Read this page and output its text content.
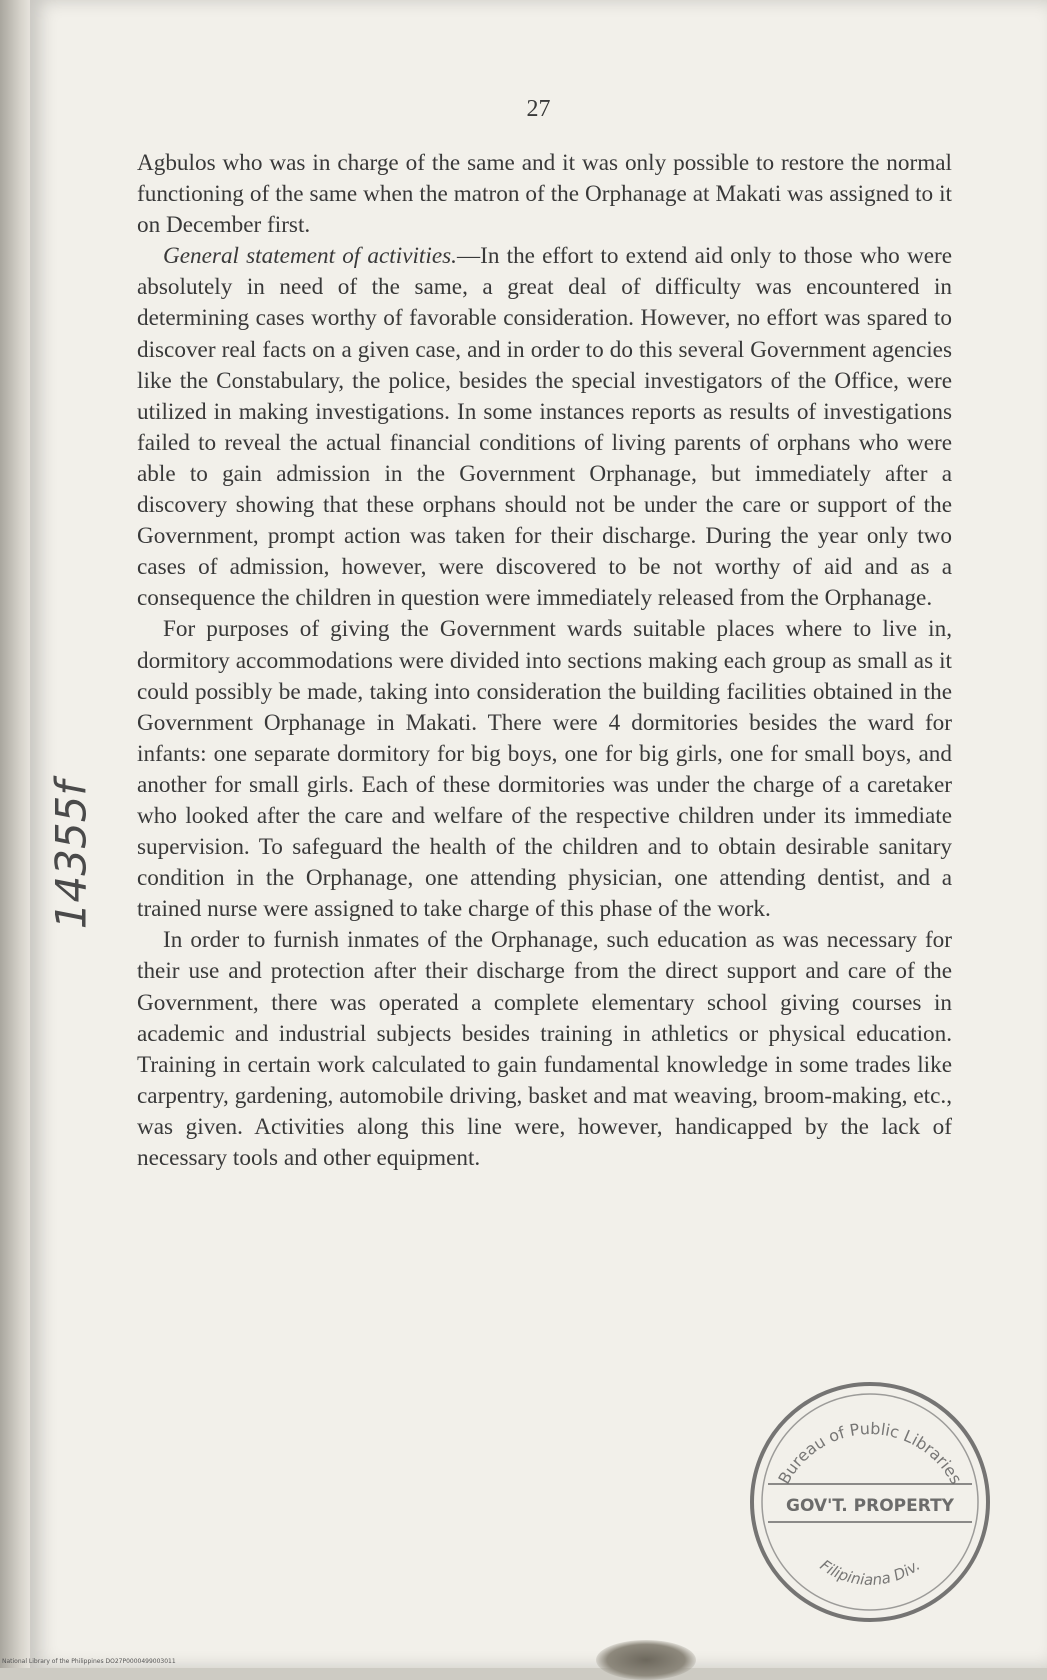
27

Agbulos who was in charge of the same and it was only possible to restore the normal functioning of the same when the matron of the Orphanage at Makati was assigned to it on December first.

General statement of activities.—In the effort to extend aid only to those who were absolutely in need of the same, a great deal of difficulty was encountered in determining cases worthy of favorable consideration. However, no effort was spared to discover real facts on a given case, and in order to do this several Government agencies like the Constabulary, the police, besides the special investigators of the Office, were utilized in making investigations. In some instances reports as results of investigations failed to reveal the actual financial conditions of living parents of orphans who were able to gain admission in the Government Orphanage, but immediately after a discovery showing that these orphans should not be under the care or support of the Government, prompt action was taken for their discharge. During the year only two cases of admission, however, were discovered to be not worthy of aid and as a consequence the children in question were immediately released from the Orphanage.

For purposes of giving the Government wards suitable places where to live in, dormitory accommodations were divided into sections making each group as small as it could possibly be made, taking into consideration the building facilities obtained in the Government Orphanage in Makati. There were 4 dormitories besides the ward for infants: one separate dormitory for big boys, one for big girls, one for small boys, and another for small girls. Each of these dormitories was under the charge of a caretaker who looked after the care and welfare of the respective children under its immediate supervision. To safeguard the health of the children and to obtain desirable sanitary condition in the Orphanage, one attending physician, one attending dentist, and a trained nurse were assigned to take charge of this phase of the work.

In order to furnish inmates of the Orphanage, such education as was necessary for their use and protection after their discharge from the direct support and care of the Government, there was operated a complete elementary school giving courses in academic and industrial subjects besides training in athletics or physical education. Training in certain work calculated to gain fundamental knowledge in some trades like carpentry, gardening, automobile driving, basket and mat weaving, broom-making, etc., was given. Activities along this line were, however, handicapped by the lack of necessary tools and other equipment.

14355f
Bureau of Public Libraries
GOV'T. PROPERTY
Filipiniana Div.
National Library of the Philippines DO27P0000499003011
